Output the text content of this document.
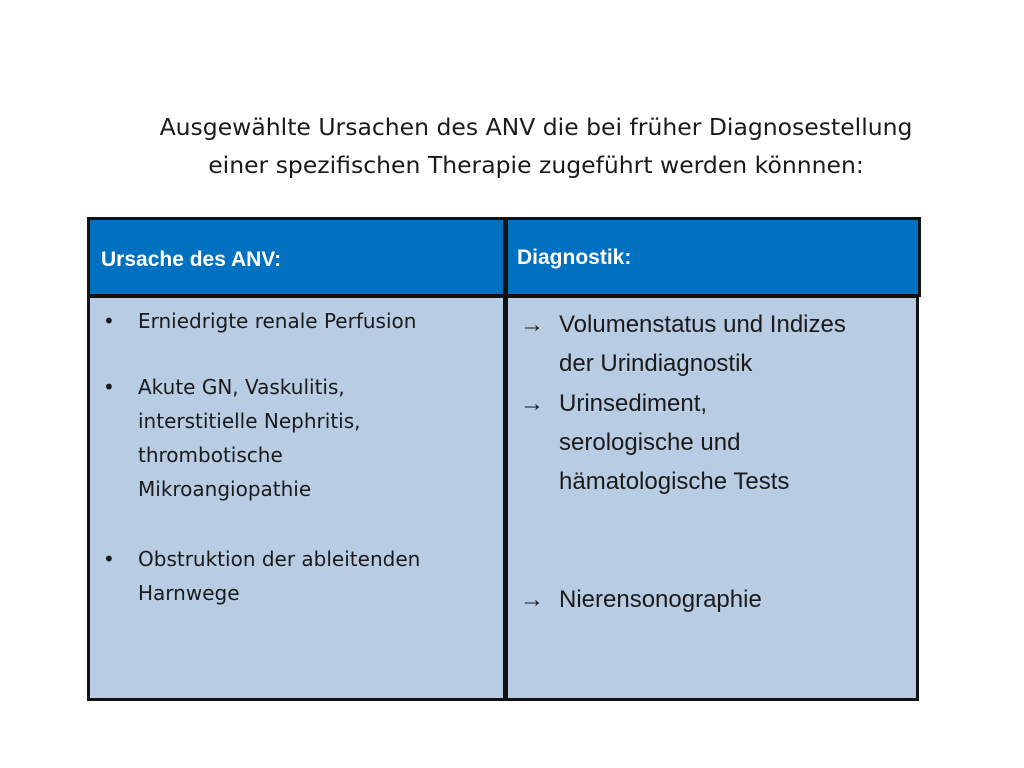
Ausgewählte Ursachen des ANV die bei früher Diagnosestellung
einer spezifischen Therapie zugeführt werden könnnen:
Ursache des ANV:	Diagnostik:
• Erniedrigte renale Perfusion
• Akute GN, Vaskulitis,
interstitielle Nephritis,
thrombotische
Mikroangiopathie
• Obstruktion der ableitenden
Harnwege
→ Volumenstatus und Indizes
der Urindiagnostik
→ Urinsediment,
serologische und
hämatologische Tests
→ Nierensonographie
